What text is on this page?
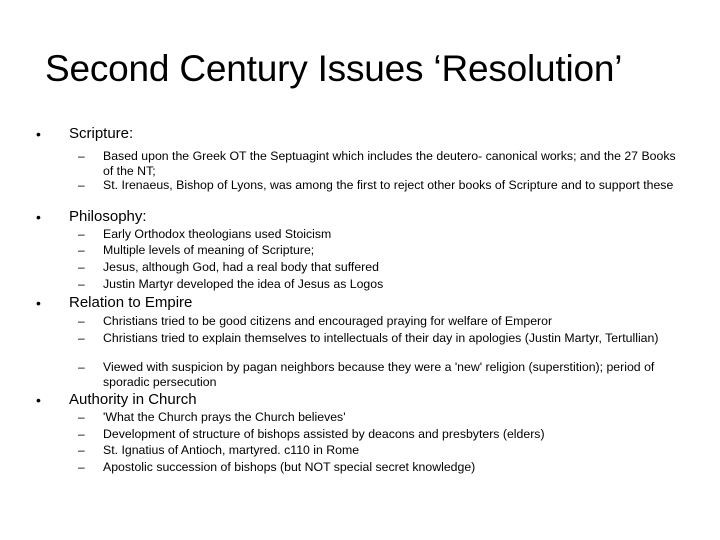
Second Century Issues ‘Resolution’
• Scripture:
– Based upon the Greek OT the Septuagint which includes the deutero- canonical works; and the 27 Books of the NT;
– St. Irenaeus, Bishop of Lyons, was among the first to reject other books of Scripture and to support these
• Philosophy:
– Early Orthodox theologians used Stoicism
– Multiple levels of meaning of Scripture;
– Jesus, although God, had a real body that suffered
– Justin Martyr developed the idea of Jesus as Logos
• Relation to Empire
– Christians tried to be good citizens and encouraged praying for welfare of Emperor
– Christians tried to explain themselves to intellectuals of their day in apologies (Justin Martyr, Tertullian)
– Viewed with suspicion by pagan neighbors because they were a 'new' religion (superstition); period of sporadic persecution
• Authority in Church
– 'What the Church prays the Church believes'
– Development of structure of bishops assisted by deacons and presbyters (elders)
– St. Ignatius of Antioch, martyred. c110 in Rome
– Apostolic succession of bishops (but NOT special secret knowledge)
